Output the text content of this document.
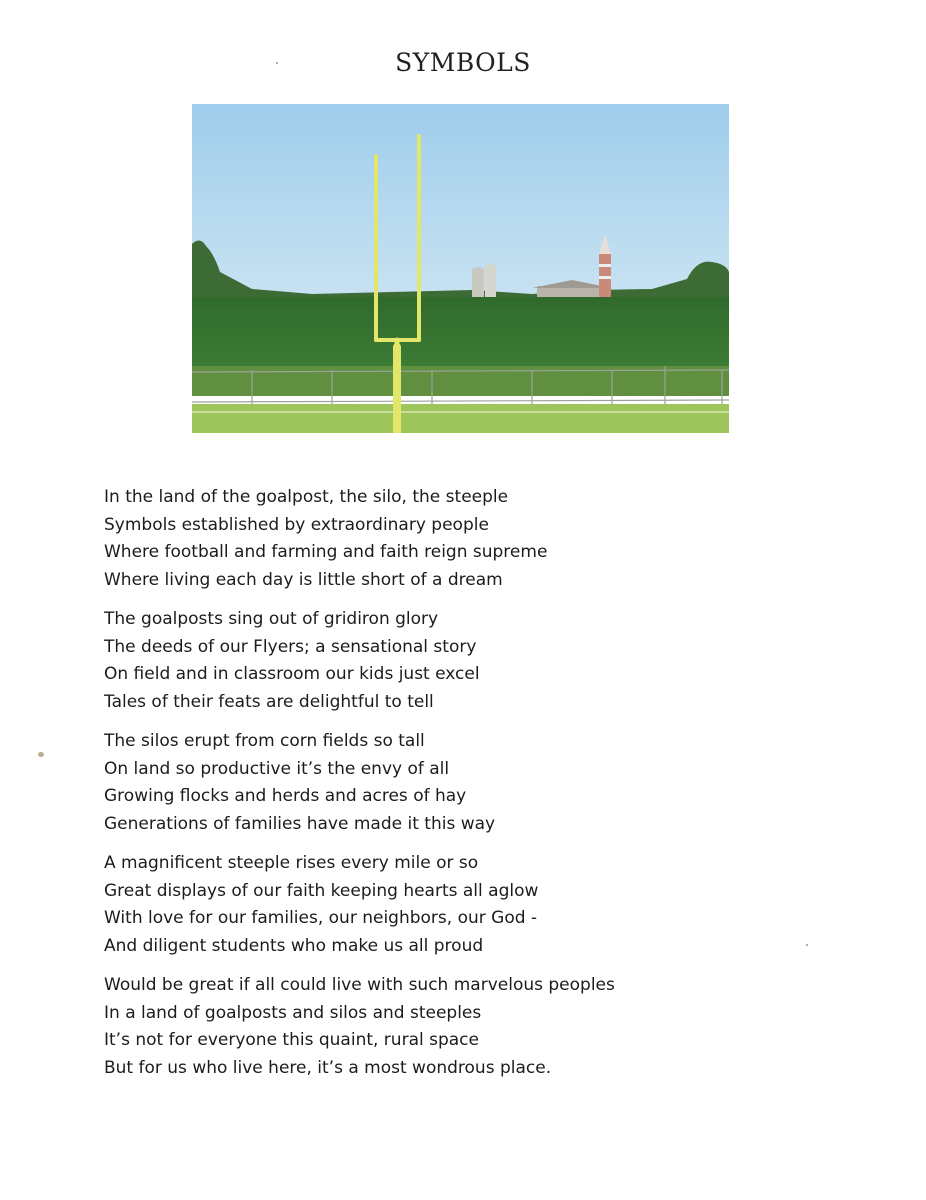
SYMBOLS
In the land of the goalpost, the silo, the steeple
Symbols established by extraordinary people
Where football and farming and faith reign supreme
Where living each day is little short of a dream
The goalposts sing out of gridiron glory
The deeds of our Flyers; a sensational story
On field and in classroom our kids just excel
Tales of their feats are delightful to tell
The silos erupt from corn fields so tall
On land so productive it’s the envy of all
Growing flocks and herds and acres of hay
Generations of families have made it this way
A magnificent steeple rises every mile or so
Great displays of our faith keeping hearts all aglow
With love for our families, our neighbors, our God -
And diligent students who make us all proud
Would be great if all could live with such marvelous peoples
In a land of goalposts and silos and steeples
It’s not for everyone this quaint, rural space
But for us who live here, it’s a most wondrous place.
